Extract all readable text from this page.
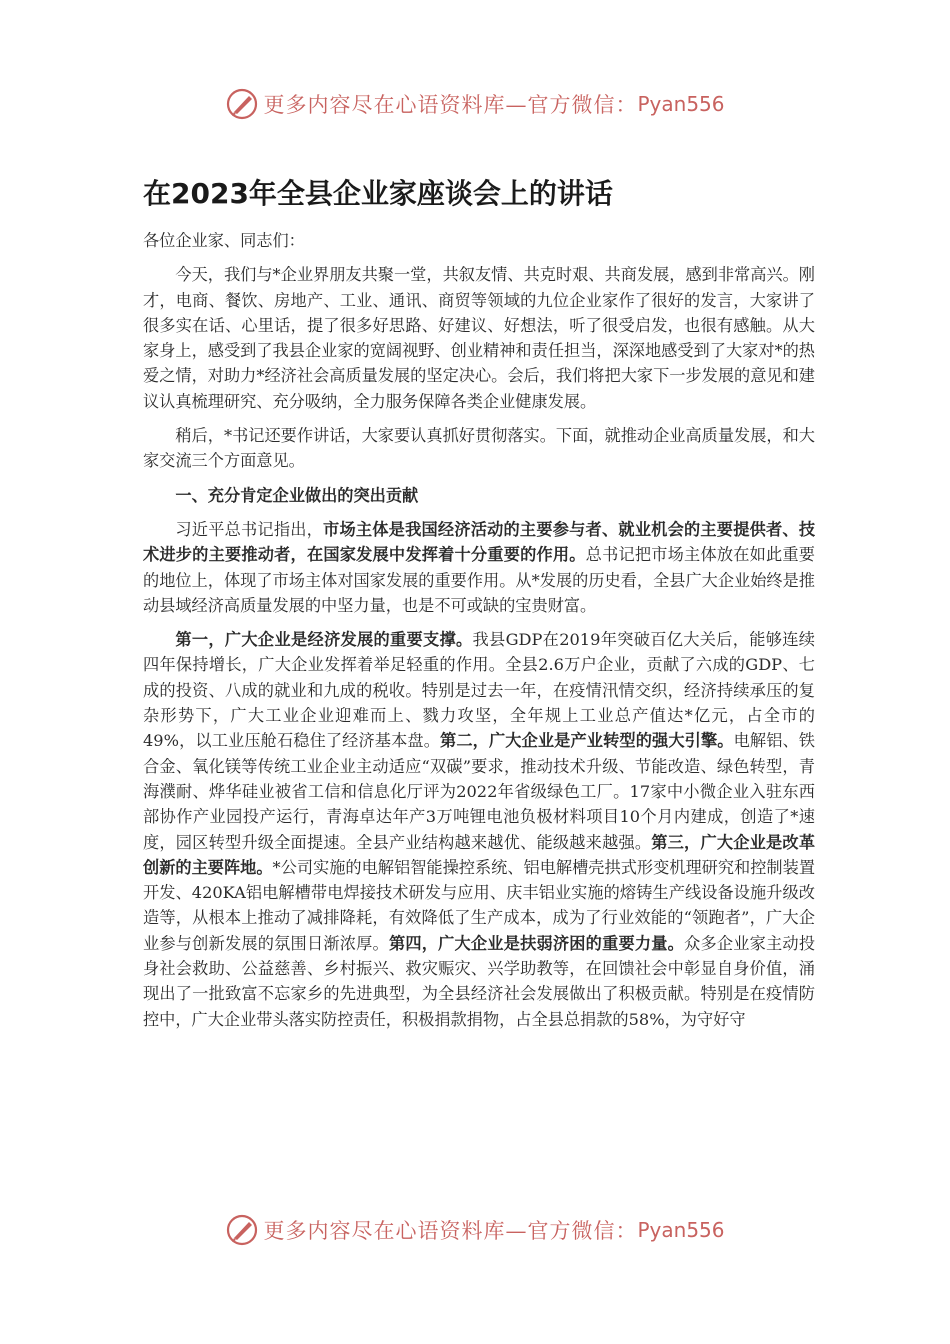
更多内容尽在心语资料库—官方微信： Pyan556
在2023年全县企业家座谈会上的讲话

各位企业家、同志们：

今天，我们与*企业界朋友共聚一堂，共叙友情、共克时艰、共商发展，感到非常高兴。刚才，电商、餐饮、房地产、工业、通讯、商贸等领域的九位企业家作了很好的发言，大家讲了很多实在话、心里话，提了很多好思路、好建议、好想法，听了很受启发，也很有感触。从大家身上，感受到了我县企业家的宽阔视野、创业精神和责任担当，深深地感受到了大家对*的热爱之情，对助力*经济社会高质量发展的坚定决心。会后，我们将把大家下一步发展的意见和建议认真梳理研究、充分吸纳，全力服务保障各类企业健康发展。

稍后，*书记还要作讲话，大家要认真抓好贯彻落实。下面，就推动企业高质量发展，和大家交流三个方面意见。

一、充分肯定企业做出的突出贡献

习近平总书记指出，市场主体是我国经济活动的主要参与者、就业机会的主要提供者、技术进步的主要推动者，在国家发展中发挥着十分重要的作用。总书记把市场主体放在如此重要的地位上，体现了市场主体对国家发展的重要作用。从*发展的历史看，全县广大企业始终是推动县域经济高质量发展的中坚力量，也是不可或缺的宝贵财富。

第一，广大企业是经济发展的重要支撑。我县GDP在2019年突破百亿大关后，能够连续四年保持增长，广大企业发挥着举足轻重的作用。全县2.6万户企业，贡献了六成的GDP、七成的投资、八成的就业和九成的税收。特别是过去一年，在疫情汛情交织，经济持续承压的复杂形势下，广大工业企业迎难而上、戮力攻坚，全年规上工业总产值达*亿元，占全市的49%，以工业压舱石稳住了经济基本盘。第二，广大企业是产业转型的强大引擎。电解铝、铁合金、氧化镁等传统工业企业主动适应“双碳”要求，推动技术升级、节能改造、绿色转型，青海濮耐、烨华硅业被省工信和信息化厅评为2022年省级绿色工厂。17家中小微企业入驻东西部协作产业园投产运行，青海卓达年产3万吨锂电池负极材料项目10个月内建成，创造了*速度，园区转型升级全面提速。全县产业结构越来越优、能级越来越强。第三，广大企业是改革创新的主要阵地。*公司实施的电解铝智能操控系统、铝电解槽壳拱式形变机理研究和控制装置开发、420KA铝电解槽带电焊接技术研发与应用、庆丰铝业实施的熔铸生产线设备设施升级改造等，从根本上推动了减排降耗，有效降低了生产成本，成为了行业效能的“领跑者”，广大企业参与创新发展的氛围日渐浓厚。第四，广大企业是扶弱济困的重要力量。众多企业家主动投身社会救助、公益慈善、乡村振兴、救灾赈灾、兴学助教等，在回馈社会中彰显自身价值，涌现出了一批致富不忘家乡的先进典型，为全县经济社会发展做出了积极贡献。特别是在疫情防控中，广大企业带头落实防控责任，积极捐款捐物，占全县总捐款的58%，为守好守

更多内容尽在心语资料库—官方微信： Pyan556
